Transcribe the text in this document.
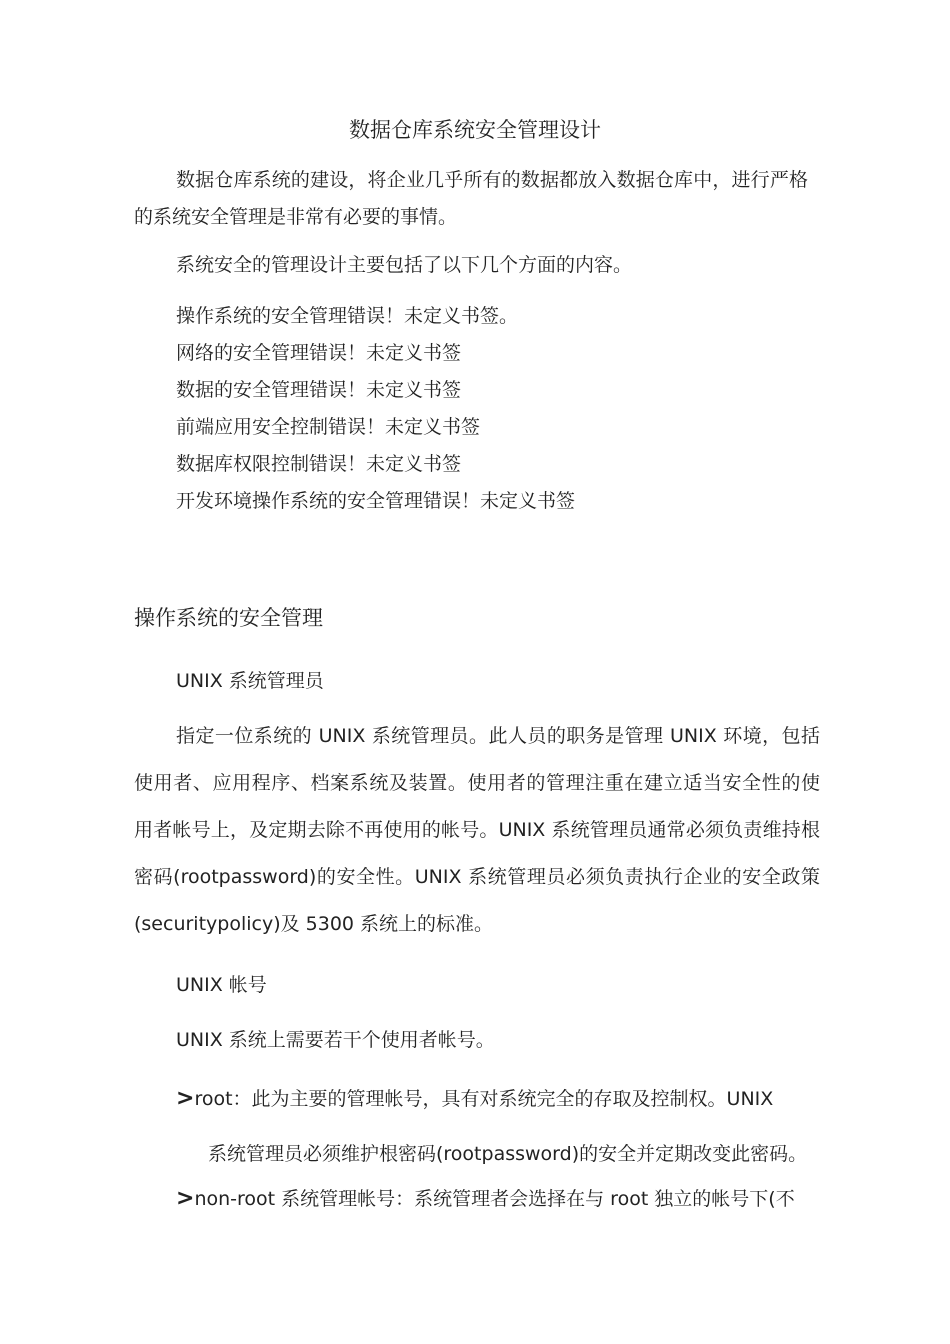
数据仓库系统安全管理设计
数据仓库系统的建设，将企业几乎所有的数据都放入数据仓库中，进行严格
的系统安全管理是非常有必要的事情。
系统安全的管理设计主要包括了以下几个方面的内容。
操作系统的安全管理错误！未定义书签。
网络的安全管理错误！未定义书签
数据的安全管理错误！未定义书签
前端应用安全控制错误！未定义书签
数据库权限控制错误！未定义书签
开发环境操作系统的安全管理错误！未定义书签
操作系统的安全管理
UNIX 系统管理员
指定一位系统的 UNIX 系统管理员。此人员的职务是管理 UNIX 环境，包括
使用者、应用程序、档案系统及装置。使用者的管理注重在建立适当安全性的使
用者帐号上，及定期去除不再使用的帐号。UNIX 系统管理员通常必须负责维持根
密码(rootpassword)的安全性。UNIX 系统管理员必须负责执行企业的安全政策
(securitypolicy)及 5300 系统上的标准。
UNIX 帐号
UNIX 系统上需要若干个使用者帐号。
>root：此为主要的管理帐号，具有对系统完全的存取及控制权。UNIX
系统管理员必须维护根密码(rootpassword)的安全并定期改变此密码。
>non-root 系统管理帐号：系统管理者会选择在与 root 独立的帐号下(不
